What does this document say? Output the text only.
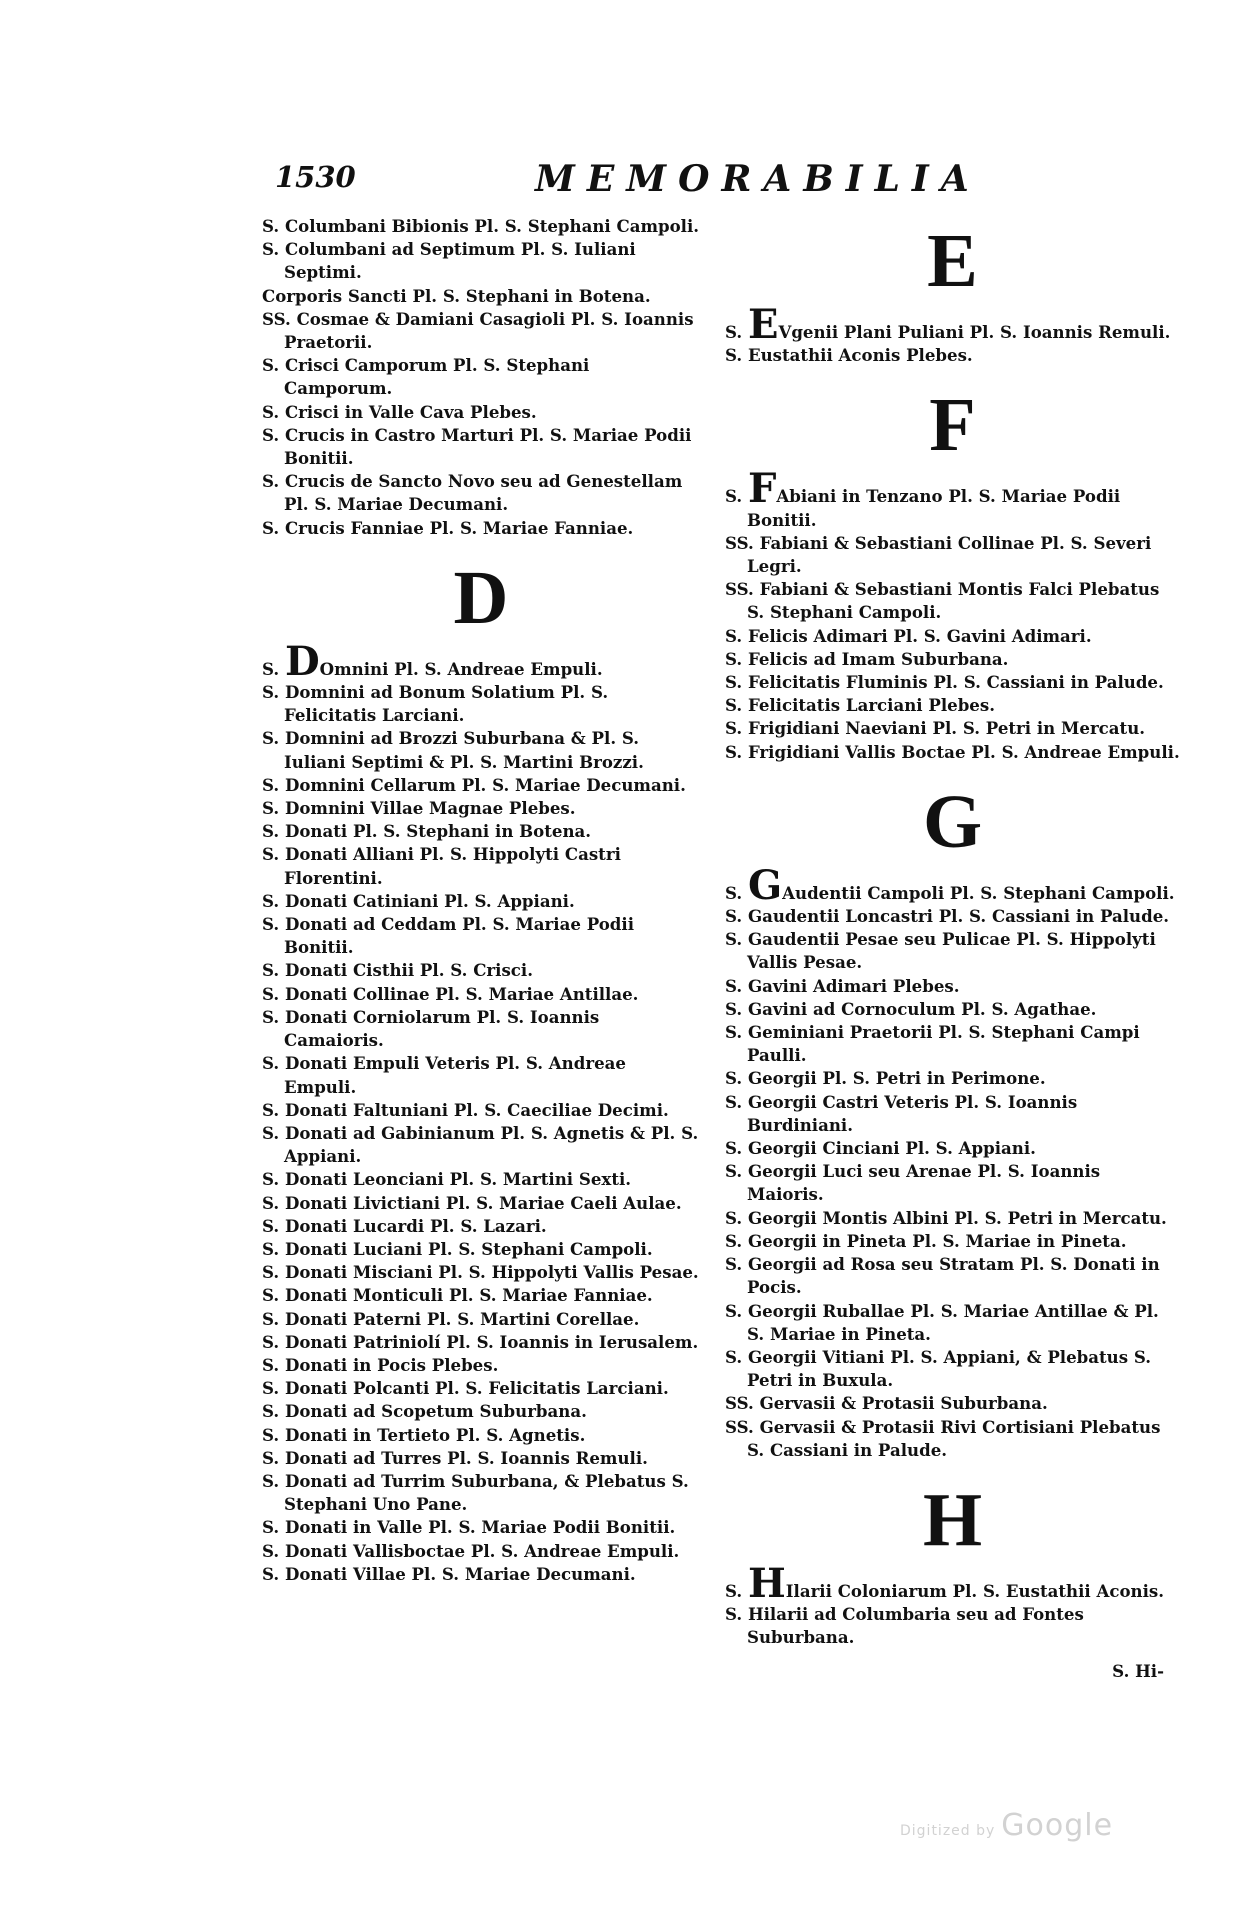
1530	MEMORABILIA

S. Columbani Bibionis Pl. S. Stephani Campoli.

S. Columbani ad Septimum Pl. S. Iuliani Septimi.

Corporis Sancti Pl. S. Stephani in Botena.

SS. Cosmae & Damiani Casagioli Pl. S. Ioannis Praetorii.

S. Crisci Camporum Pl. S. Stephani Camporum.

S. Crisci in Valle Cava Plebes.

S. Crucis in Castro Marturi Pl. S. Mariae Podii Bonitii.

S. Crucis de Sancto Novo seu ad Genestellam Pl. S. Mariae Decumani.

S. Crucis Fanniae Pl. S. Mariae Fanniae.

D

S. DOmnini Pl. S. Andreae Empuli.

S. Domnini ad Bonum Solatium Pl. S. Felicitatis Larciani.

S. Domnini ad Brozzi Suburbana & Pl. S. Iuliani Septimi & Pl. S. Martini Brozzi.

S. Domnini Cellarum Pl. S. Mariae Decumani.

S. Domnini Villae Magnae Plebes.

S. Donati Pl. S. Stephani in Botena.

S. Donati Alliani Pl. S. Hippolyti Castri Florentini.

S. Donati Catiniani Pl. S. Appiani.

S. Donati ad Ceddam Pl. S. Mariae Podii Bonitii.

S. Donati Cisthii Pl. S. Crisci.

S. Donati Collinae Pl. S. Mariae Antillae.

S. Donati Corniolarum Pl. S. Ioannis Camaioris.

S. Donati Empuli Veteris Pl. S. Andreae Empuli.

S. Donati Faltuniani Pl. S. Caeciliae Decimi.

S. Donati ad Gabinianum Pl. S. Agnetis & Pl. S. Appiani.

S. Donati Leonciani Pl. S. Martini Sexti.

S. Donati Livictiani Pl. S. Mariae Caeli Aulae.

S. Donati Lucardi Pl. S. Lazari.

S. Donati Luciani Pl. S. Stephani Campoli.

S. Donati Misciani Pl. S. Hippolyti Vallis Pesae.

S. Donati Monticuli Pl. S. Mariae Fanniae.

S. Donati Paterni Pl. S. Martini Corellae.

S. Donati Patriniolí Pl. S. Ioannis in Ierusalem.

S. Donati in Pocis Plebes.

S. Donati Polcanti Pl. S. Felicitatis Larciani.

S. Donati ad Scopetum Suburbana.

S. Donati in Tertieto Pl. S. Agnetis.

S. Donati ad Turres Pl. S. Ioannis Remuli.

S. Donati ad Turrim Suburbana, & Plebatus S. Stephani Uno Pane.

S. Donati in Valle Pl. S. Mariae Podii Bonitii.

S. Donati Vallisboctae Pl. S. Andreae Empuli.

S. Donati Villae Pl. S. Mariae Decumani.

E

S. EVgenii Plani Puliani Pl. S. Ioannis Remuli.

S. Eustathii Aconis Plebes.

F

S. FAbiani in Tenzano Pl. S. Mariae Podii Bonitii.

SS. Fabiani & Sebastiani Collinae Pl. S. Severi Legri.

SS. Fabiani & Sebastiani Montis Falci Plebatus S. Stephani Campoli.

S. Felicis Adimari Pl. S. Gavini Adimari.

S. Felicis ad Imam Suburbana.

S. Felicitatis Fluminis Pl. S. Cassiani in Palude.

S. Felicitatis Larciani Plebes.

S. Frigidiani Naeviani Pl. S. Petri in Mercatu.

S. Frigidiani Vallis Boctae Pl. S. Andreae Empuli.

G

S. GAudentii Campoli Pl. S. Stephani Campoli.

S. Gaudentii Loncastri Pl. S. Cassiani in Palude.

S. Gaudentii Pesae seu Pulicae Pl. S. Hippolyti Vallis Pesae.

S. Gavini Adimari Plebes.

S. Gavini ad Cornoculum Pl. S. Agathae.

S. Geminiani Praetorii Pl. S. Stephani Campi Paulli.

S. Georgii Pl. S. Petri in Perimone.

S. Georgii Castri Veteris Pl. S. Ioannis Burdiniani.

S. Georgii Cinciani Pl. S. Appiani.

S. Georgii Luci seu Arenae Pl. S. Ioannis Maioris.

S. Georgii Montis Albini Pl. S. Petri in Mercatu.

S. Georgii in Pineta Pl. S. Mariae in Pineta.

S. Georgii ad Rosa seu Stratam Pl. S. Donati in Pocis.

S. Georgii Ruballae Pl. S. Mariae Antillae & Pl. S. Mariae in Pineta.

S. Georgii Vitiani Pl. S. Appiani, & Plebatus S. Petri in Buxula.

SS. Gervasii & Protasii Suburbana.

SS. Gervasii & Protasii Rivi Cortisiani Plebatus S. Cassiani in Palude.

H

S. HIlarii Coloniarum Pl. S. Eustathii Aconis.

S. Hilarii ad Columbaria seu ad Fontes Suburbana.

S. Hi-
Digitized by Google
